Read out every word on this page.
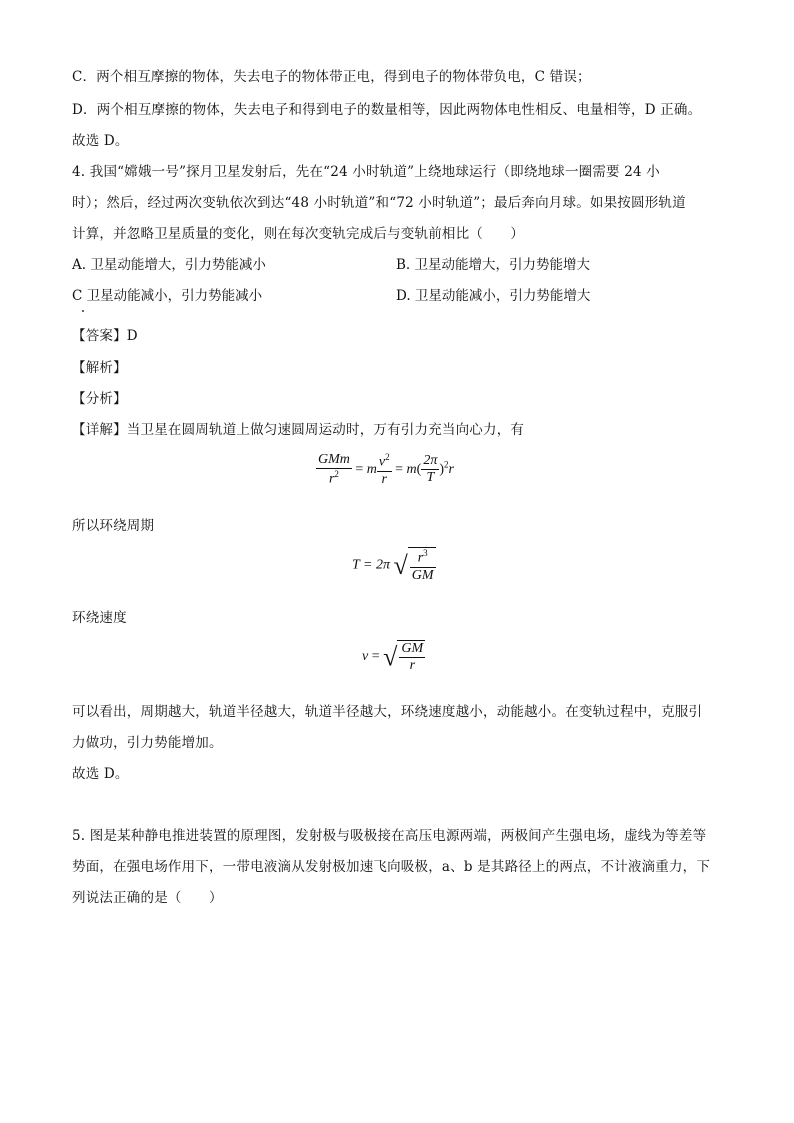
C．两个相互摩擦的物体，失去电子的物体带正电，得到电子的物体带负电，C 错误；
D．两个相互摩擦的物体，失去电子和得到电子的数量相等，因此两物体电性相反、电量相等，D 正确。
故选 D。
4. 我国“嫦娥一号”探月卫星发射后，先在“24 小时轨道”上绕地球运行（即绕地球一圈需要 24 小
时）；然后，经过两次变轨依次到达“48 小时轨道”和“72 小时轨道”；最后奔向月球。如果按圆形轨道
计算，并忽略卫星质量的变化，则在每次变轨完成后与变轨前相比（　　）
A. 卫星动能增大，引力势能减小	B. 卫星动能增大，引力势能增大
C 卫星动能减小，引力势能减小	D. 卫星动能减小，引力势能增大
【答案】D
【解析】
【分析】
【详解】当卫星在圆周轨道上做匀速圆周运动时，万有引力充当向心力，有
$\frac{\text{GMm}}{r^2} = m \frac{v^2}{r} = m( \frac{2\pi}{T} )^2r$
所以环绕周期
T = 2π √ $\frac{r^3}{GM}$
环绕速度
v = √ $\frac{GM}{r}$
可以看出，周期越大，轨道半径越大，轨道半径越大，环绕速度越小，动能越小。在变轨过程中，克服引
力做功，引力势能增加。
故选 D。
5. 图是某种静电推进装置的原理图，发射极与吸极接在高压电源两端，两极间产生强电场，虚线为等差等
势面，在强电场作用下，一带电液滴从发射极加速飞向吸极，a、b 是其路径上的两点，不计液滴重力，下
列说法正确的是（　　）
